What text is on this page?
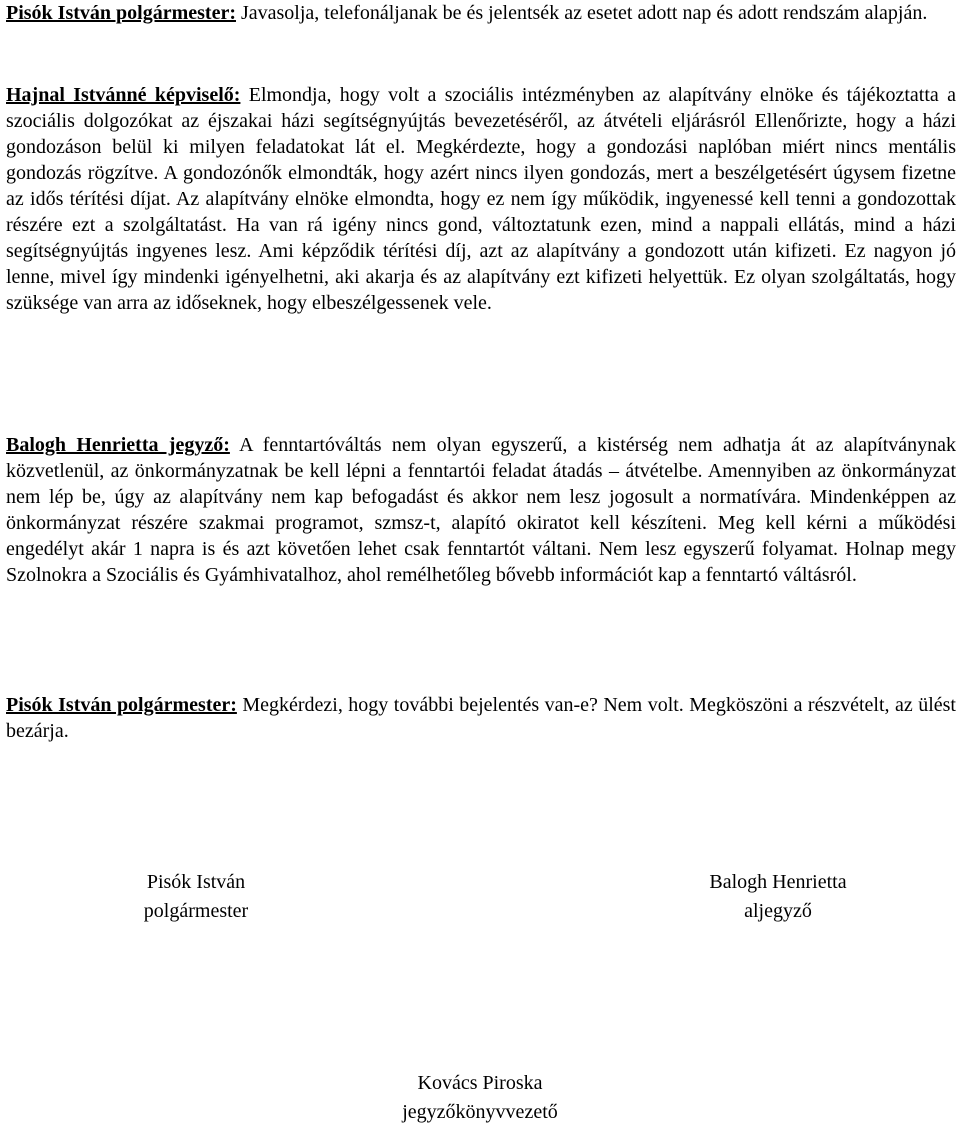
Pisók István polgármester: Javasolja, telefonáljanak be és jelentsék az esetet adott nap és adott rendszám alapján.

Hajnal Istvánné képviselő: Elmondja, hogy volt a szociális intézményben az alapítvány elnöke és tájékoztatta a szociális dolgozókat az éjszakai házi segítségnyújtás bevezetéséről, az átvételi eljárásról Ellenőrizte, hogy a házi gondozáson belül ki milyen feladatokat lát el. Megkérdezte, hogy a gondozási naplóban miért nincs mentális gondozás rögzítve. A gondozónők elmondták, hogy azért nincs ilyen gondozás, mert a beszélgetésért úgysem fizetne az idős térítési díjat. Az alapítvány elnöke elmondta, hogy ez nem így működik, ingyenessé kell tenni a gondozottak részére ezt a szolgáltatást. Ha van rá igény nincs gond, változtatunk ezen, mind a nappali ellátás, mind a házi segítségnyújtás ingyenes lesz. Ami képződik térítési díj, azt az alapítvány a gondozott után kifizeti. Ez nagyon jó lenne, mivel így mindenki igényelhetni, aki akarja és az alapítvány ezt kifizeti helyettük. Ez olyan szolgáltatás, hogy szüksége van arra az időseknek, hogy elbeszélgessenek vele.

Balogh Henrietta jegyző: A fenntartóváltás nem olyan egyszerű, a kistérség nem adhatja át az alapítványnak közvetlenül, az önkormányzatnak be kell lépni a fenntartói feladat átadás – átvételbe. Amennyiben az önkormányzat nem lép be, úgy az alapítvány nem kap befogadást és akkor nem lesz jogosult a normatívára. Mindenképpen az önkormányzat részére szakmai programot, szmsz-t, alapító okiratot kell készíteni. Meg kell kérni a működési engedélyt akár 1 napra is és azt követően lehet csak fenntartót váltani. Nem lesz egyszerű folyamat. Holnap megy Szolnokra a Szociális és Gyámhivatalhoz, ahol remélhetőleg bővebb információt kap a fenntartó váltásról.

Pisók István polgármester: Megkérdezi, hogy további bejelentés van-e? Nem volt. Megköszöni a részvételt, az ülést bezárja.

Pisók István
polgármester
Balogh Henrietta
aljegyző
Kovács Piroska
jegyzőkönyvvezető
